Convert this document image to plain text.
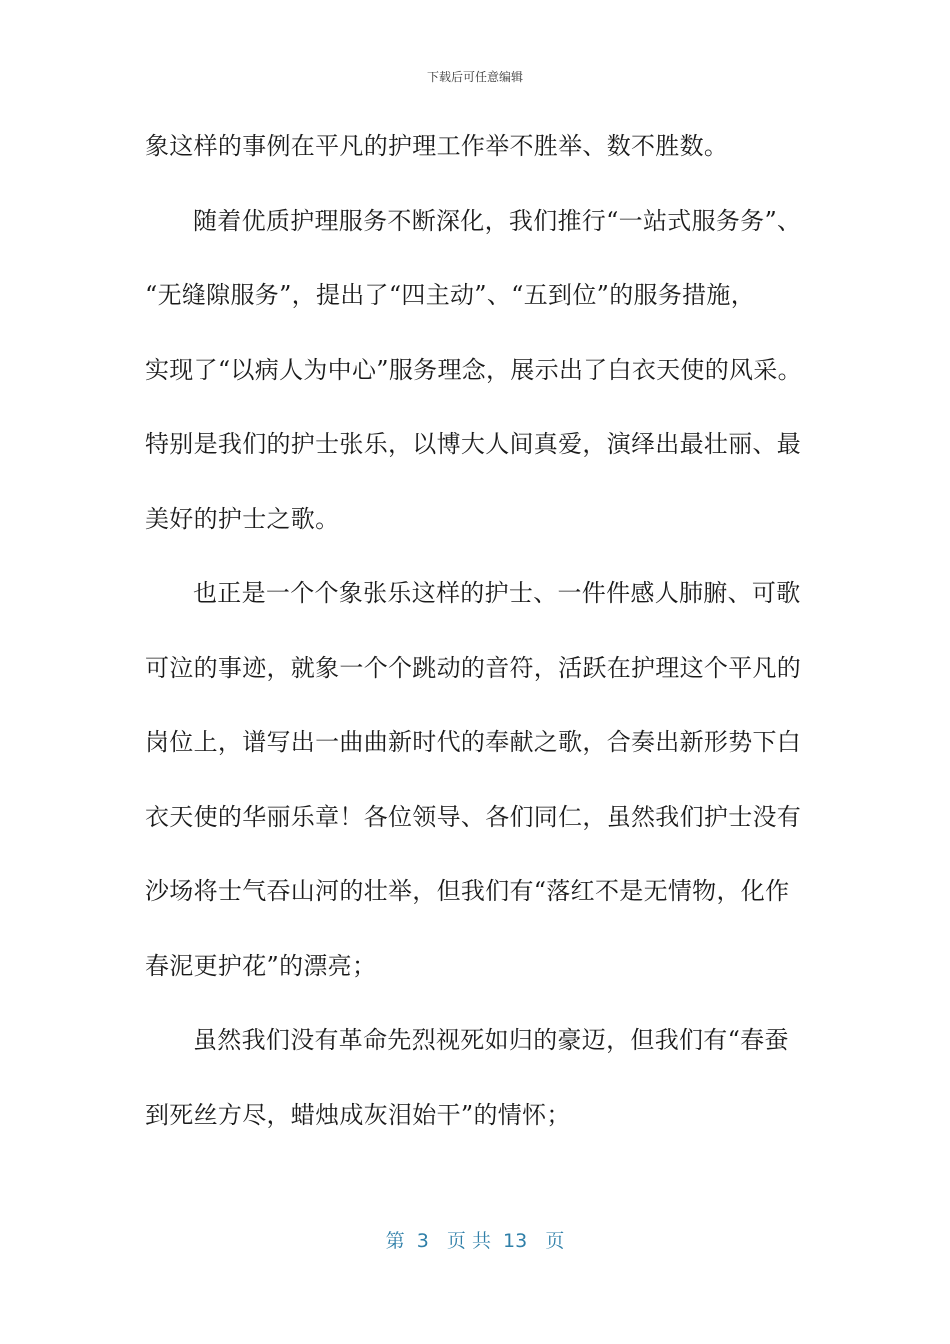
下载后可任意编辑
象这样的事例在平凡的护理工作举不胜举、数不胜数。
随着优质护理服务不断深化，我们推行“一站式服务务”、
“无缝隙服务”，提出了“四主动”、“五到位”的服务措施，
实现了“以病人为中心”服务理念，展示出了白衣天使的风采。
特别是我们的护士张乐，以博大人间真爱，演绎出最壮丽、最
美好的护士之歌。
也正是一个个象张乐这样的护士、一件件感人肺腑、可歌
可泣的事迹，就象一个个跳动的音符，活跃在护理这个平凡的
岗位上，谱写出一曲曲新时代的奉献之歌，合奏出新形势下白
衣天使的华丽乐章！各位领导、各们同仁，虽然我们护士没有
沙场将士气吞山河的壮举，但我们有“落红不是无情物，化作
春泥更护花”的漂亮；
虽然我们没有革命先烈视死如归的豪迈，但我们有“春蚕
到死丝方尽，蜡烛成灰泪始干”的情怀；
第  3   页 共  13   页
